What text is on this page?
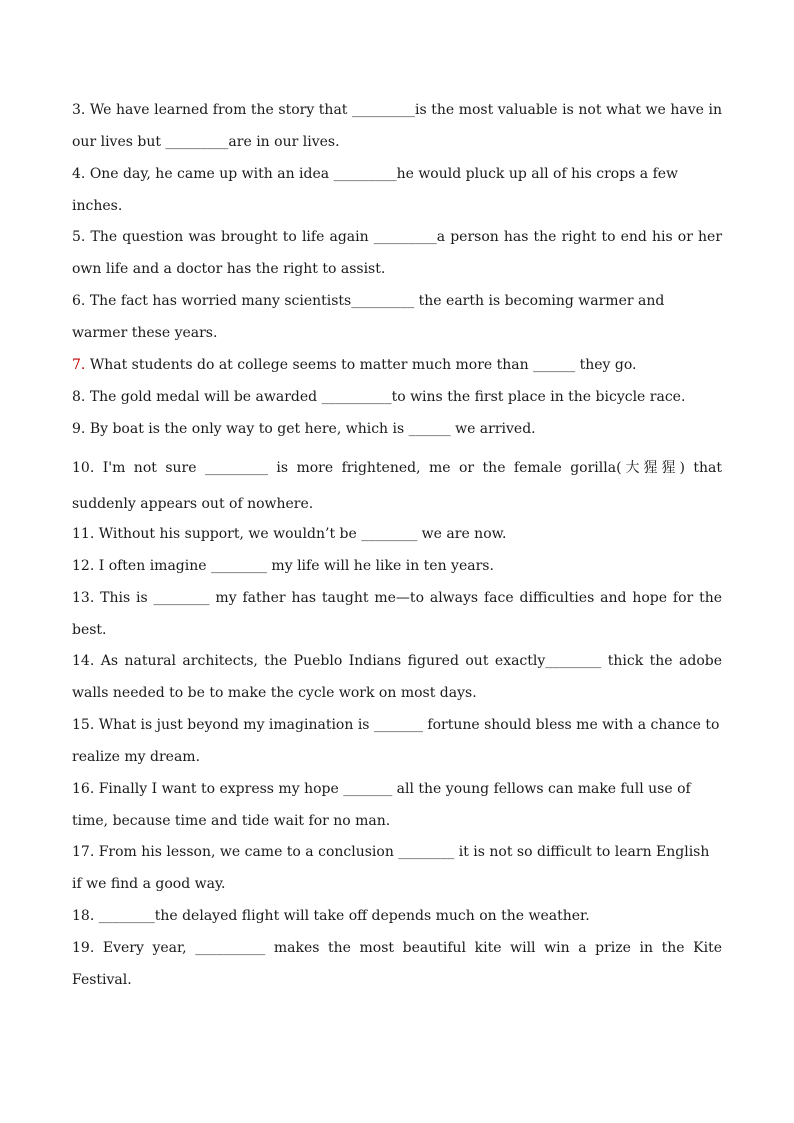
3. We have learned from the story that _________is the most valuable is not what we have in our lives but _________are in our lives.

4. One day, he came up with an idea _________he would pluck up all of his crops a few inches.

5. The question was brought to life again _________a person has the right to end his or her own life and a doctor has the right to assist.

6. The fact has worried many scientists_________ the earth is becoming warmer and warmer these years.

7. What students do at college seems to matter much more than ______ they go.

8. The gold medal will be awarded __________to wins the first place in the bicycle race.

9. By boat is the only way to get here, which is ______ we arrived.

10. I'm not sure _________ is more frightened, me or the female gorilla(大猩猩) that suddenly appears out of nowhere.

11. Without his support, we wouldn’t be ________ we are now.

12. I often imagine ________ my life will he like in ten years.

13. This is ________ my father has taught me—to always face difficulties and hope for the best.

14. As natural architects, the Pueblo Indians figured out exactly________ thick the adobe walls needed to be to make the cycle work on most days.

15. What is just beyond my imagination is _______ fortune should bless me with a chance to realize my dream.

16. Finally I want to express my hope _______ all the young fellows can make full use of time, because time and tide wait for no man.

17. From his lesson, we came to a conclusion ________ it is not so difficult to learn English if we find a good way.

18. ________the delayed flight will take off depends much on the weather.

19. Every year, __________ makes the most beautiful kite will win a prize in the Kite Festival.
